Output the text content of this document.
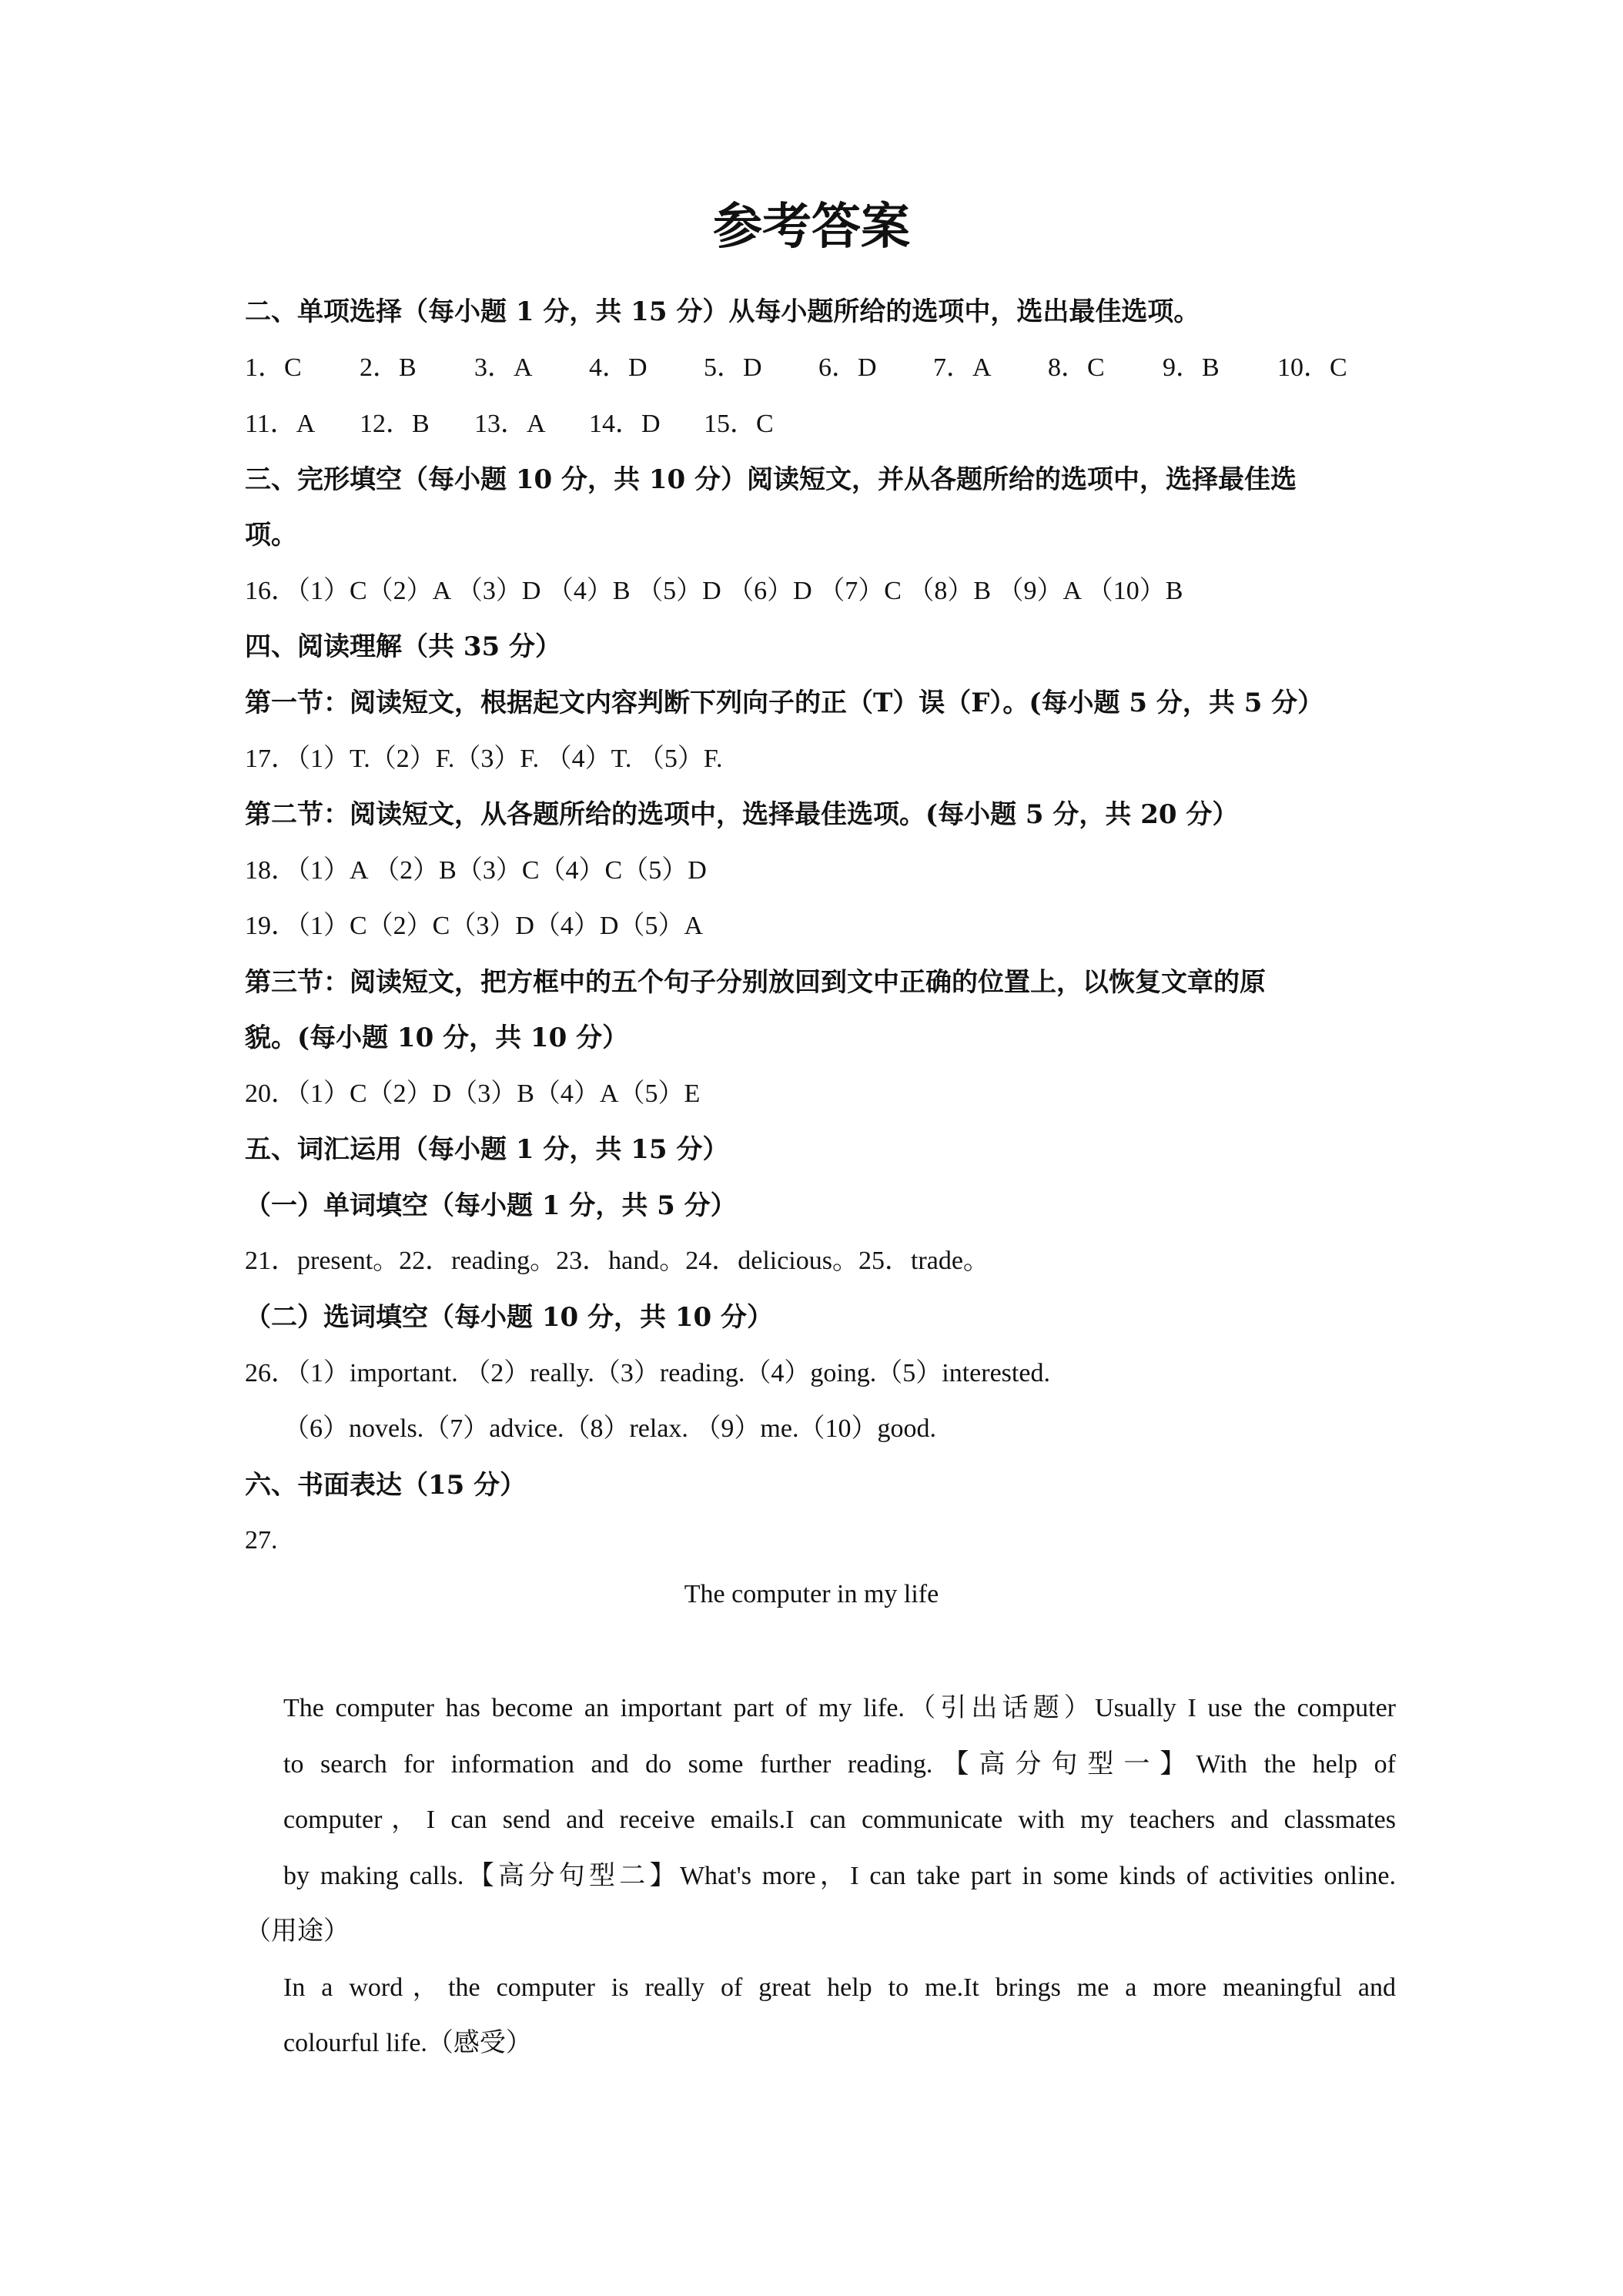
参考答案
二、单项选择（每小题 1 分，共 15 分）从每小题所给的选项中，选出最佳选项。
1．C 2．B 3．A 4．D 5．D 6．D 7．A 8．C 9．B 10．C
11．A 12．B 13．A 14．D 15．C
三、完形填空（每小题 10 分，共 10 分）阅读短文，并从各题所给的选项中，选择最佳选
项。
16．（1）C（2）A （3）D （4）B （5）D （6）D （7）C （8）B （9）A （10）B
四、阅读理解（共 35 分）
第一节：阅读短文，根据起文内容判断下列向子的正（T）误（F）。(每小题 5 分，共 5 分）
17．（1）T.（2）F.（3）F. （4）T. （5）F.
第二节：阅读短文，从各题所给的选项中，选择最佳选项。(每小题 5 分，共 20 分）
18．（1）A （2）B（3）C（4）C（5）D
19．（1）C（2）C（3）D（4）D（5）A
第三节：阅读短文，把方框中的五个句子分别放回到文中正确的位置上，以恢复文章的原
貌。(每小题 10 分，共 10 分）
20．（1）C（2）D（3）B（4）A（5）E
五、词汇运用（每小题 1 分，共 15 分）
（一）单词填空（每小题 1 分，共 5 分）
21．present。22．reading。23．hand。24．delicious。25．trade。
（二）选词填空（每小题 10 分，共 10 分）
26．（1）important. （2）really.（3）reading.（4）going.（5）interested.
（6）novels.（7）advice.（8）relax. （9）me.（10）good.
六、书面表达（15 分）
27.
The computer in my life
The computer has become an important part of my life.（引出话题）Usually I use the computer
to search for information and do some further reading.【高分句型一】With the help of
computer，I can send and receive emails.I can communicate with my teachers and classmates
by making calls.【高分句型二】What's more，I can take part in some kinds of activities online.
（用途）
In a word，the computer is really of great help to me.It brings me a more meaningful and
colourful life.（感受）
